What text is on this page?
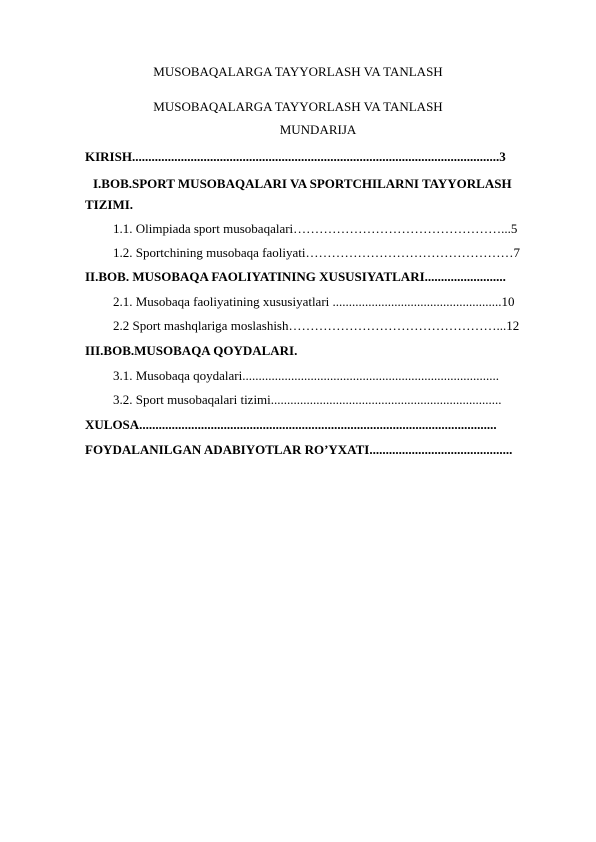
MUSOBAQALARGA TAYYORLASH VA TANLASH
MUSOBAQALARGA TAYYORLASH VA TANLASH
MUNDARIJA
KIRISH.................................................................................................................3
I.BOB.SPORT MUSOBAQALARI VA SPORTCHILARNI TAYYORLASH
TIZIMI.
1.1. Olimpiada sport musobaqalari…………………………………………...5
1.2. Sportchining musobaqa faoliyati…………………………………………7
II.BOB. MUSOBAQA FAOLIYATINING XUSUSIYATLARI.........................
2.1. Musobaqa faoliyatining xususiyatlari ....................................................10
2.2 Sport mashqlariga moslashish…………………………………………...12
III.BOB.MUSOBAQA QOYDALARI.
3.1. Musobaqa qoydalari...............................................................................
3.2. Sport musobaqalari tizimi.......................................................................
XULOSA..............................................................................................................
FOYDALANILGAN ADABIYOTLAR RO’YXATI............................................
